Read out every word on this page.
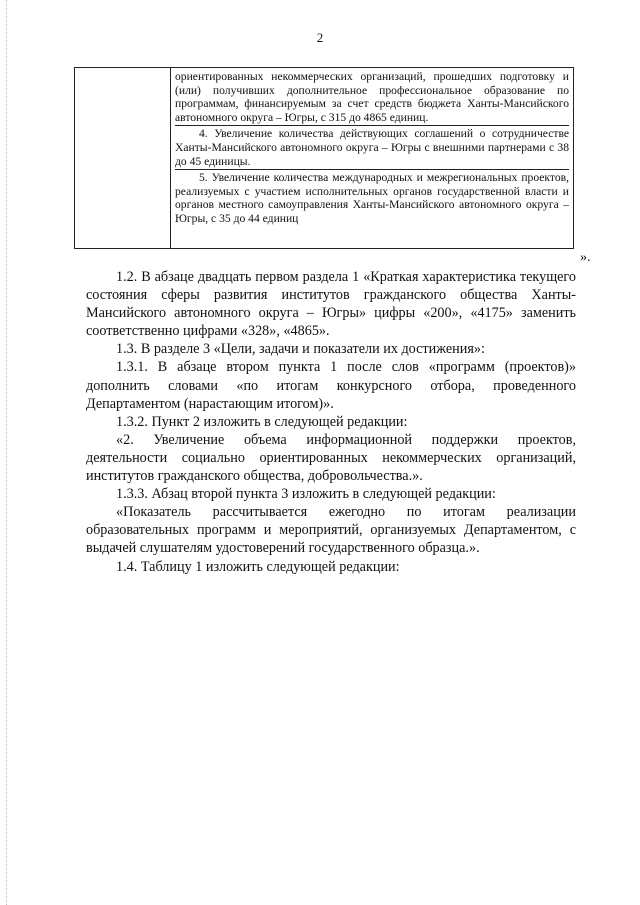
2

ориентированных некоммерческих организаций, прошедших подготовку и (или) получивших дополнительное профессиональное образование по программам, финансируемым за счет средств бюджета Ханты-Мансийского автономного округа – Югры, с 315 до 4865 единиц.

4. Увеличение количества действующих соглашений о сотрудничестве Ханты-Мансийского автономного округа – Югры с внешними партнерами с 38 до 45 единицы.

5. Увеличение количества международных и межрегиональных проектов, реализуемых с участием исполнительных органов государственной власти и органов местного самоуправления Ханты-Мансийского автономного округа – Югры, с 35 до 44 единиц

».

1.2. В абзаце двадцать первом раздела 1 «Краткая характеристика текущего состояния сферы развития институтов гражданского общества Ханты-Мансийского автономного округа – Югры» цифры «200», «4175» заменить соответственно цифрами «328», «4865».

1.3. В разделе 3 «Цели, задачи и показатели их достижения»:

1.3.1. В абзаце втором пункта 1 после слов «программ (проектов)» дополнить словами «по итогам конкурсного отбора, проведенного Департаментом (нарастающим итогом)».

1.3.2. Пункт 2 изложить в следующей редакции:

«2. Увеличение объема информационной поддержки проектов, деятельности социально ориентированных некоммерческих организаций, институтов гражданского общества, добровольчества.».

1.3.3. Абзац второй пункта 3 изложить в следующей редакции:

«Показатель рассчитывается ежегодно по итогам реализации образовательных программ и мероприятий, организуемых Департаментом, с выдачей слушателям удостоверений государственного образца.».

1.4. Таблицу 1 изложить следующей редакции:
